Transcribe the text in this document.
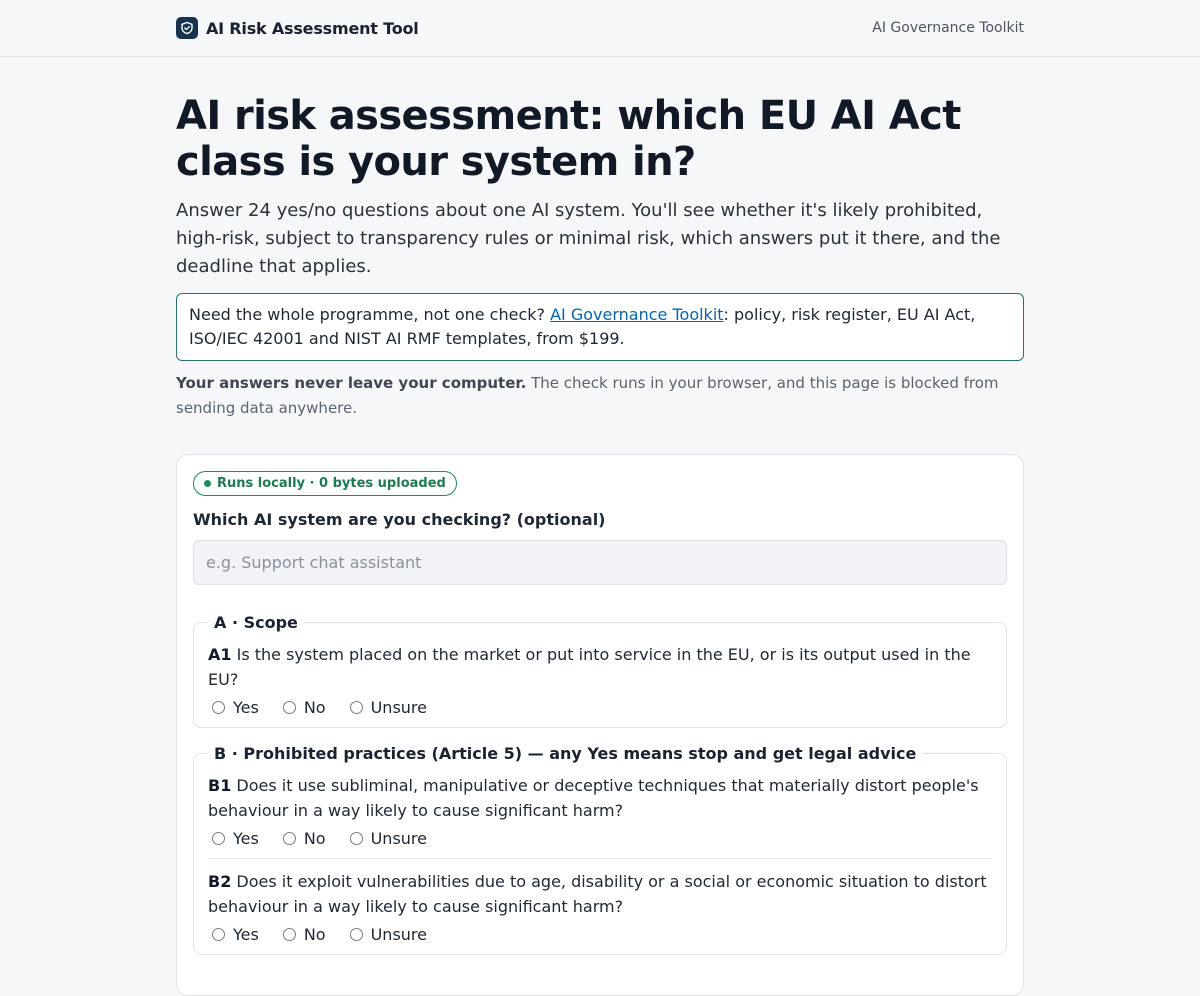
AI Risk Assessment Tool	AI Governance Toolkit
AI risk assessment: which EU AI Act class is your system in?

Answer 24 yes/no questions about one AI system. You'll see whether it's likely prohibited, high-risk, subject to transparency rules or minimal risk, which answers put it there, and the deadline that applies.

Need the whole programme, not one check? AI Governance Toolkit: policy, risk register, EU AI Act, ISO/IEC 42001 and NIST AI RMF templates, from $199.

Your answers never leave your computer. The check runs in your browser, and this page is blocked from sending data anywhere.

Runs locally · 0 bytes uploaded
Which AI system are you checking? (optional)
e.g. Support chat assistant
A · Scope

A1 Is the system placed on the market or put into service in the EU, or is its output used in the EU?

Yes	No	Unsure
B · Prohibited practices (Article 5) — any Yes means stop and get legal advice

B1 Does it use subliminal, manipulative or deceptive techniques that materially distort people's behaviour in a way likely to cause significant harm?

Yes	No	Unsure

B2 Does it exploit vulnerabilities due to age, disability or a social or economic situation to distort behaviour in a way likely to cause significant harm?

Yes	No	Unsure
